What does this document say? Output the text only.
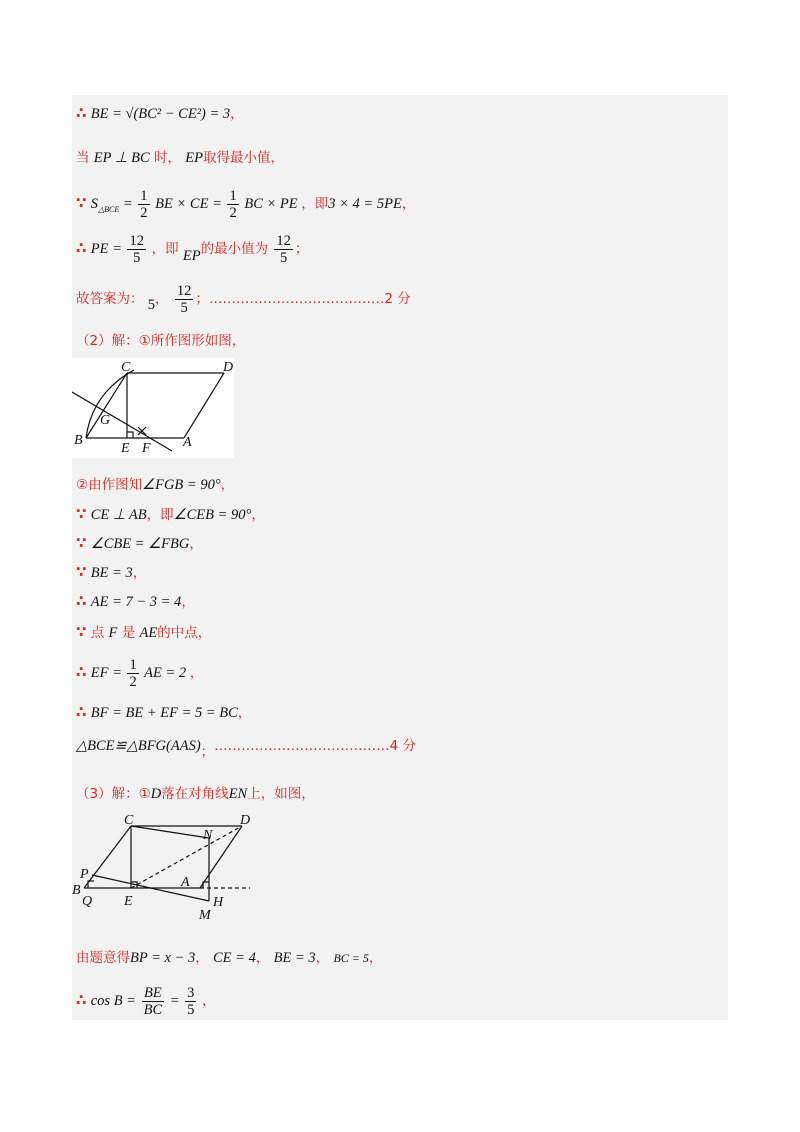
∴ BE = √(BC² − CE²) = 3，
当 EP ⊥ BC 时， EP取得最小值，
∵ $S_{\triangle BCE} = \frac{1}{2}$ BE × CE = $\frac{1}{2}$ BC × PE ，即3 × 4 = 5PE，
∴ PE = $\frac{12}{5}$ ，即 EP的最小值为 $\frac{12}{5}$ ；
故答案为： 5， $\frac{12}{5}$ ；…………………………………2 分
（2）解：①所作图形如图，
C	D
G
B
E F A
②由作图知∠FGB = 90°，
∵ CE ⊥ AB，即∠CEB = 90°，
∵ ∠CBE = ∠FBG，
∵ BE = 3，
∴ AE = 7 − 3 = 4，
∵ 点 F 是 AE的中点，
∴ EF = $\frac{1}{2}$ AE = 2 ，
∴ BF = BE + EF = 5 = BC，
△BCE≌△BFG(AAS)；…………………………………4 分
（3）解：①D落在对角线EN上，如图，
C
N
D
P
B
Q E
A
H
M
由题意得BP = x − 3， CE = 4， BE = 3， BC = 5，
∴ $\cos B = \frac{BE}{BC} = \frac{3}{5}$ ，
